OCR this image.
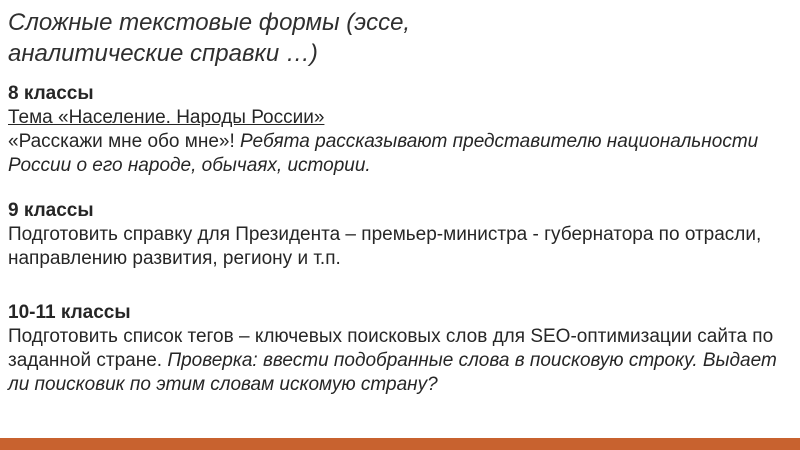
Сложные текстовые формы (эссе, аналитические справки …)

8 классы

Тема «Население. Народы России»

«Расскажи мне обо мне»! Ребята рассказывают представителю национальности России о его народе, обычаях, истории.

9 классы

Подготовить справку для Президента – премьер-министра - губернатора по отрасли, направлению развития, региону и т.п.

10-11 классы

Подготовить список тегов – ключевых поисковых слов для SEO-оптимизации сайта по заданной стране. Проверка: ввести подобранные слова в поисковую строку. Выдает ли поисковик по этим словам искомую страну?
